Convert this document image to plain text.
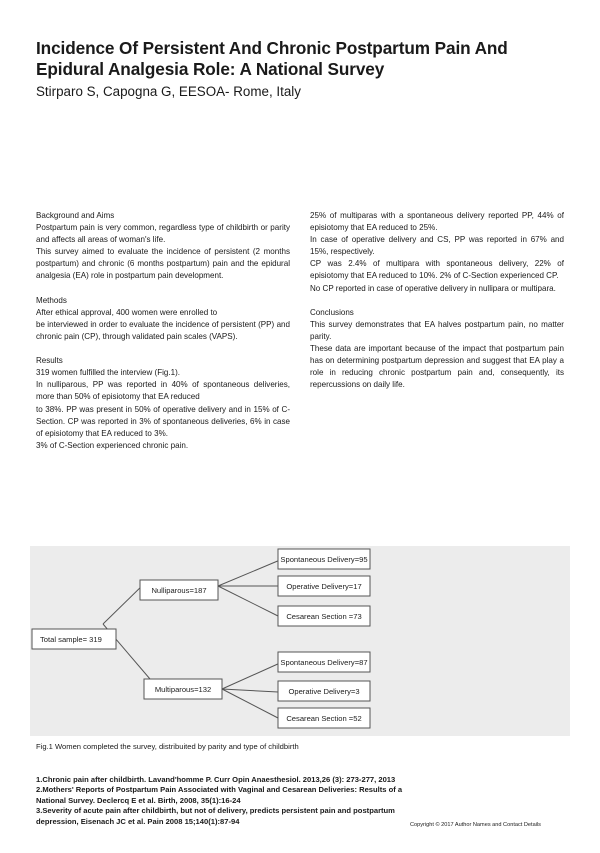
Incidence Of Persistent And Chronic Postpartum Pain And Epidural Analgesia Role: A National Survey

Stirparo S, Capogna G, EESOA- Rome, Italy

Background and Aims

Postpartum pain is very common, regardless type of childbirth or parity and affects all areas of woman's life.

This survey aimed to evaluate the incidence of persistent (2 months postpartum) and chronic (6 months postpartum) pain and the epidural analgesia (EA) role in postpartum pain development.

Methods

After ethical approval, 400 women were enrolled to

be interviewed in order to evaluate the incidence of persistent (PP) and chronic pain (CP), through validated pain scales (VAPS).

Results

319 women fulfilled the interview (Fig.1).

In nulliparous, PP was reported in 40% of spontaneous deliveries, more than 50% of episiotomy that EA reduced

to 38%. PP was present in 50% of operative delivery and in 15% of C-Section. CP was reported in 3% of spontaneous deliveries, 6% in case of episiotomy that EA reduced to 3%.

3% of C-Section experienced chronic pain.

25% of multiparas with a spontaneous delivery reported PP, 44% of episiotomy that EA reduced to 25%.

In case of operative delivery and CS, PP was reported in 67% and 15%, respectively.

CP was 2.4% of multipara with spontaneous delivery, 22% of episiotomy that EA reduced to 10%. 2% of C-Section experienced CP.

No CP reported in case of operative delivery in nullipara or multipara.

Conclusions

This survey demonstrates that EA halves postpartum pain, no matter parity.

These data are important because of the impact that postpartum pain has on determining postpartum depression and suggest that EA play a role in reducing chronic postpartum pain and, consequently, its repercussions on daily life.

Total sample= 319
Nulliparous=187
Multiparous=132
Spontaneous Delivery=95
Operative Delivery=17
Cesarean Section =73
Spontaneous Delivery=87
Operative Delivery=3
Cesarean Section =52

Fig.1 Women completed the survey, distribuited by parity and type of childbirth

1.Chronic pain after childbirth. Lavand'homme P. Curr Opin Anaesthesiol. 2013,26 (3): 273-277, 2013

2.Mothers' Reports of Postpartum Pain Associated with Vaginal and Cesarean Deliveries: Results of a National Survey. Declercq E et al. Birth, 2008, 35(1):16-24

3.Severity of acute pain after childbirth, but not of delivery, predicts persistent pain and postpartum depression, Eisenach JC et al. Pain 2008 15;140(1):87-94	Copyright © 2017 Author Names and Contact Details
